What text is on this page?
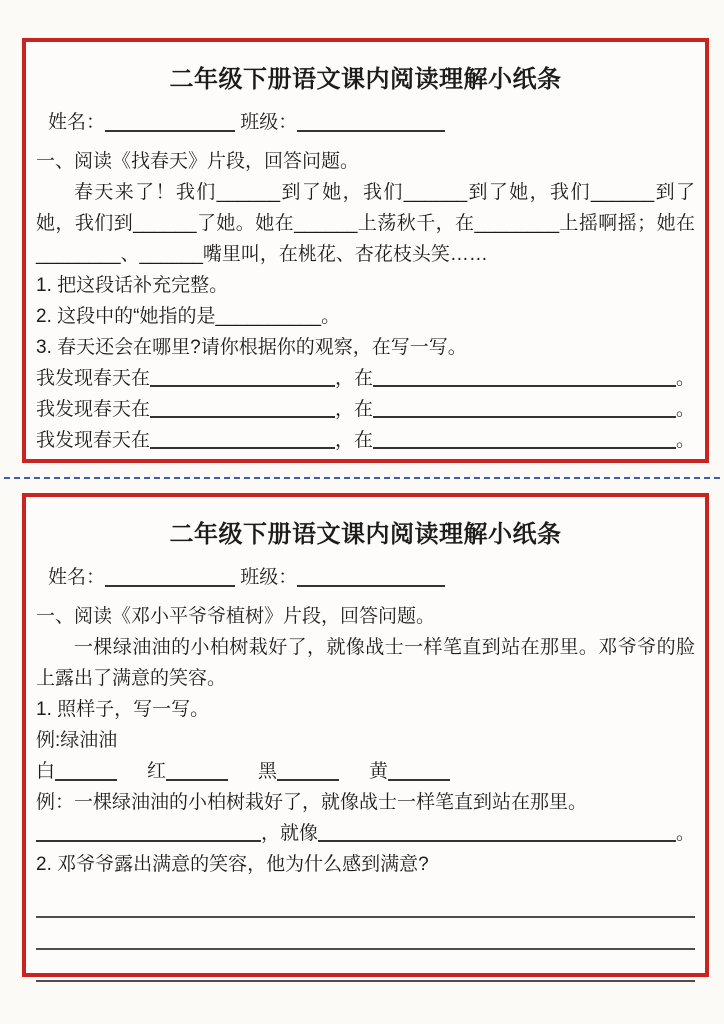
二年级下册语文课内阅读理解小纸条
姓名：	班级：

一、阅读《找春天》片段，回答问题。

春天来了！我们______到了她，我们______到了她，我们______到了她，我们到______了她。她在______上荡秋千，在________上摇啊摇；她在________、______嘴里叫，在桃花、杏花枝头笑……

1. 把这段话补充完整。

2. 这段中的“她指的是__________。

3. 春天还会在哪里?请你根据你的观察，在写一写。

我发现春天在	，在	。
我发现春天在	，在	。
我发现春天在	，在	。
二年级下册语文课内阅读理解小纸条
姓名：	班级：

一、阅读《邓小平爷爷植树》片段，回答问题。

一棵绿油油的小柏树栽好了，就像战士一样笔直到站在那里。邓爷爷的脸上露出了满意的笑容。

1. 照样子，写一写。

例:绿油油

白	红	黑	黄

例：一棵绿油油的小柏树栽好了，就像战士一样笔直到站在那里。

，就像	。

2. 邓爷爷露出满意的笑容，他为什么感到满意?
